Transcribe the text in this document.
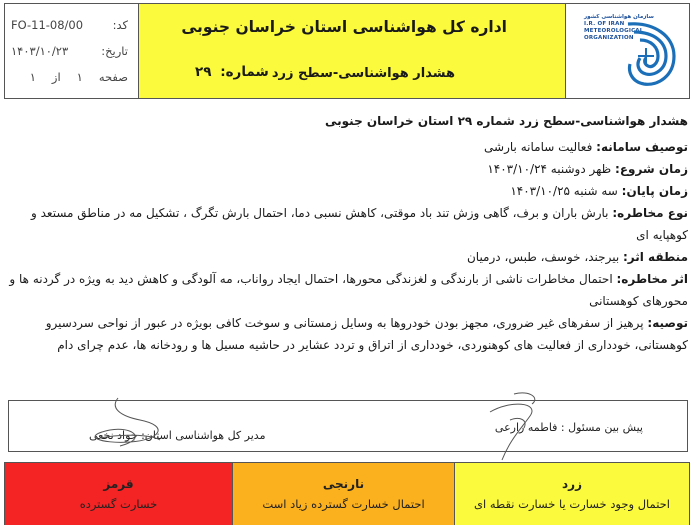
کد:
FO-11-08/00
تاریخ:
۱۴۰۳/۱۰/۲۳
صفحه
۱
از
۱
اداره کل هواشناسی استان خراسان جنوبی
هشدار هواشناسی-سطح زرد
شماره: ۲۹
سازمان هواشناسی کشور
I.R. OF IRAN
METEOROLOGICAL
ORGANIZATION

هشدار هواشناسی-سطح زرد شماره ۲۹ استان خراسان جنوبی

توصیف سامانه: فعالیت سامانه بارشی

زمان شروع: ظهر دوشنبه ۱۴۰۳/۱۰/۲۴

زمان پایان: سه شنبه ۱۴۰۳/۱۰/۲۵

نوع مخاطره: بارش باران و برف، گاهی وزش تند باد موقتی، کاهش نسبی دما، احتمال بارش تگرگ ، تشکیل مه در مناطق مستعد و کوهپایه ای

منطقه اثر: بیرجند، خوسف، طبس، درمیان

اثر مخاطره: احتمال مخاطرات ناشی از بارندگی و لغزندگی محورها، احتمال ایجاد رواناب، مه آلودگی و کاهش دید به ویژه در گردنه ها و محورهای کوهستانی

توصیه: پرهیز از سفرهای غیر ضروری، مجهز بودن خودروها به وسایل زمستانی و سوخت کافی بویژه در عبور از نواحی سردسیرو کوهستانی، خودداری از فعالیت های کوهنوردی، خودداری از اتراق و تردد عشایر در حاشیه مسیل ها و رودخانه ها، عدم چرای دام

پیش بین مسئول : فاطمه زارعی
مدیر کل هواشناسی استان: جواد نخعی
قرمز
خسارت گسترده
نارنجی
احتمال خسارت گسترده زیاد است
زرد
احتمال وجود خسارت یا خسارت نقطه ای
